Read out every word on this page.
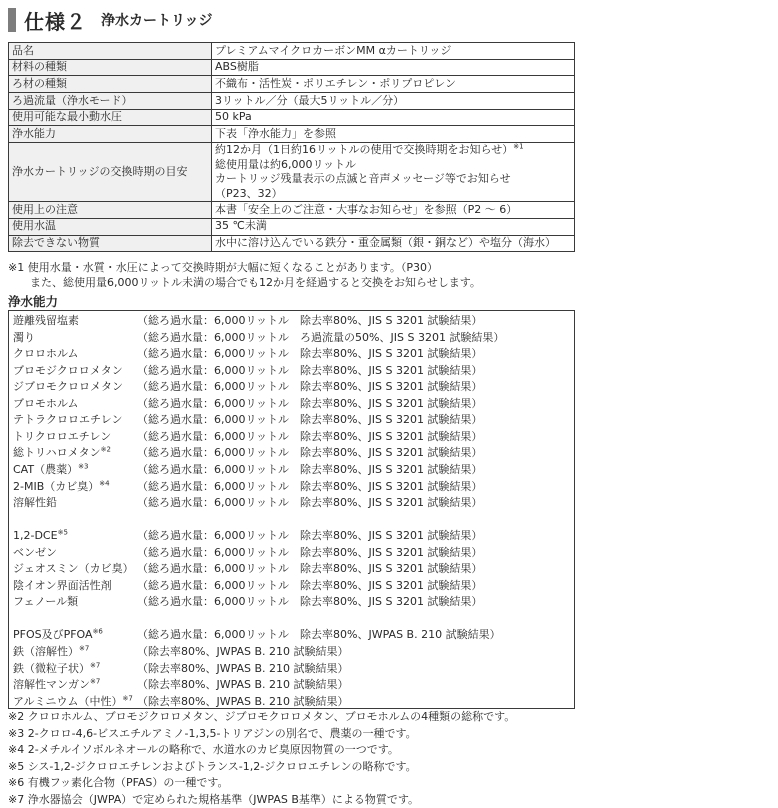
仕様２ 浄水カートリッジ
品名	プレミアムマイクロカーボンMM αカートリッジ

材料の種類	ABS樹脂

ろ材の種類	不織布・活性炭・ポリエチレン・ポリプロピレン

ろ過流量（浄水モード）	3リットル／分（最大5リットル／分）

使用可能な最小動水圧	50 kPa

浄水能力	下表「浄水能力」を参照

浄水カートリッジの交換時期の目安	約12か月（1日約16リットルの使用で交換時期をお知らせ）$^{※1}$
総使用量は約6,000リットル
カートリッジ残量表示の点滅と音声メッセージ等でお知らせ
（P23、32）

使用上の注意	本書「安全上のご注意・大事なお知らせ」を参照（P2 ～ 6）

使用水温	35 ℃未満

除去できない物質	水中に溶け込んでいる鉄分・重金属類（銀・銅など）や塩分（海水）
※1 使用水量・水質・水圧によって交換時期が大幅に短くなることがあります。（P30）
　　また、総使用量6,000リットル未満の場合でも12か月を経過すると交換をお知らせします。
浄水能力
遊離残留塩素	（総ろ過水量：6,000リットル　除去率80%、JIS S 3201 試験結果）
濁り	（総ろ過水量：6,000リットル　ろ過流量の50%、JIS S 3201 試験結果）
クロロホルム	（総ろ過水量：6,000リットル　除去率80%、JIS S 3201 試験結果）
ブロモジクロロメタン （総ろ過水量：6,000リットル　除去率80%、JIS S 3201 試験結果）
ジブロモクロロメタン （総ろ過水量：6,000リットル　除去率80%、JIS S 3201 試験結果）
ブロモホルム	（総ろ過水量：6,000リットル　除去率80%、JIS S 3201 試験結果）
テトラクロロエチレン （総ろ過水量：6,000リットル　除去率80%、JIS S 3201 試験結果）
トリクロロエチレン （総ろ過水量：6,000リットル　除去率80%、JIS S 3201 試験結果）
総トリハロメタン$^{※2}$ （総ろ過水量：6,000リットル　除去率80%、JIS S 3201 試験結果）
CAT（農薬）$^{※3}$	（総ろ過水量：6,000リットル　除去率80%、JIS S 3201 試験結果）
2-MIB（カビ臭）$^{※4}$ （総ろ過水量：6,000リットル　除去率80%、JIS S 3201 試験結果）
溶解性鉛	（総ろ過水量：6,000リットル　除去率80%、JIS S 3201 試験結果）
1,2-DCE$^{※5}$	（総ろ過水量：6,000リットル　除去率80%、JIS S 3201 試験結果）
ベンゼン	（総ろ過水量：6,000リットル　除去率80%、JIS S 3201 試験結果）
ジェオスミン（カビ臭） （総ろ過水量：6,000リットル　除去率80%、JIS S 3201 試験結果）
陰イオン界面活性剤 （総ろ過水量：6,000リットル　除去率80%、JIS S 3201 試験結果）
フェノール類	（総ろ過水量：6,000リットル　除去率80%、JIS S 3201 試験結果）
PFOS及びPFOA$^{※6}$	（総ろ過水量：6,000リットル　除去率80%、JWPAS B. 210 試験結果）
鉄（溶解性）$^{※7}$	（除去率80%、JWPAS B. 210 試験結果）
鉄（微粒子状）$^{※7}$	（除去率80%、JWPAS B. 210 試験結果）
溶解性マンガン$^{※7}$	（除去率80%、JWPAS B. 210 試験結果）
アルミニウム（中性）$^{※7}$ （除去率80%、JWPAS B. 210 試験結果）
※2 クロロホルム、ブロモジクロロメタン、ジブロモクロロメタン、ブロモホルムの4種類の総称です。
※3 2-クロロ-4,6-ビスエチルアミノ-1,3,5-トリアジンの別名で、農薬の一種です。
※4 2-メチルイソボルネオールの略称で、水道水のカビ臭原因物質の一つです。
※5 シス-1,2-ジクロロエチレンおよびトランス-1,2-ジクロロエチレンの略称です。
※6 有機フッ素化合物（PFAS）の一種です。
※7 浄水器協会（JWPA）で定められた規格基準（JWPAS B基準）による物質です。
